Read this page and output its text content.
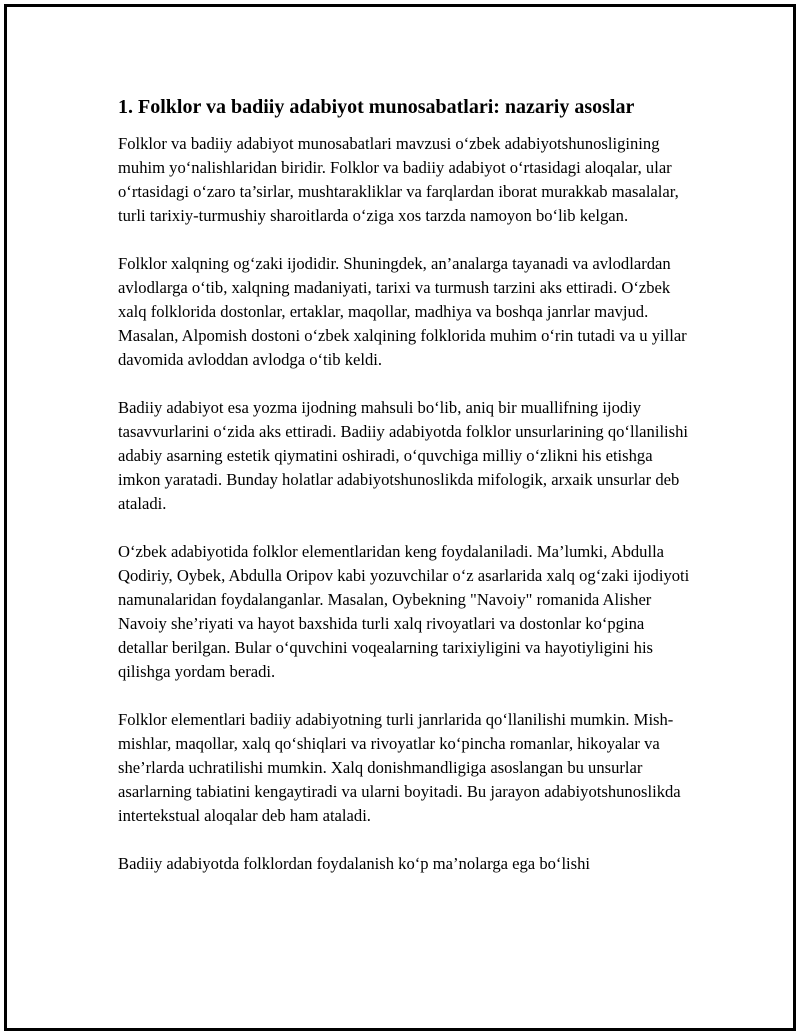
1. Folklor va badiiy adabiyot munosabatlari: nazariy asoslar

Folklor va badiiy adabiyot munosabatlari mavzusi o‘zbek adabiyotshunosligining muhim yo‘nalishlaridan biridir. Folklor va badiiy adabiyot o‘rtasidagi aloqalar, ular o‘rtasidagi o‘zaro ta’sirlar, mushtarakliklar va farqlardan iborat murakkab masalalar, turli tarixiy-turmushiy sharoitlarda o‘ziga xos tarzda namoyon bo‘lib kelgan.

Folklor xalqning og‘zaki ijodidir. Shuningdek, an’analarga tayanadi va avlodlardan avlodlarga o‘tib, xalqning madaniyati, tarixi va turmush tarzini aks ettiradi. O‘zbek xalq folklorida dostonlar, ertaklar, maqollar, madhiya va boshqa janrlar mavjud. Masalan, Alpomish dostoni o‘zbek xalqining folklorida muhim o‘rin tutadi va u yillar davomida avloddan avlodga o‘tib keldi.

Badiiy adabiyot esa yozma ijodning mahsuli bo‘lib, aniq bir muallifning ijodiy tasavvurlarini o‘zida aks ettiradi. Badiiy adabiyotda folklor unsurlarining qo‘llanilishi adabiy asarning estetik qiymatini oshiradi, o‘quvchiga milliy o‘zlikni his etishga imkon yaratadi. Bunday holatlar adabiyotshunoslikda mifologik, arxaik unsurlar deb ataladi.

O‘zbek adabiyotida folklor elementlaridan keng foydalaniladi. Ma’lumki, Abdulla Qodiriy, Oybek, Abdulla Oripov kabi yozuvchilar o‘z asarlarida xalq og‘zaki ijodiyoti namunalaridan foydalanganlar. Masalan, Oybekning "Navoiy" romanida Alisher Navoiy she’riyati va hayot baxshida turli xalq rivoyatlari va dostonlar ko‘pgina detallar berilgan. Bular o‘quvchini voqealarning tarixiyligini va hayotiyligini his qilishga yordam beradi.

Folklor elementlari badiiy adabiyotning turli janrlarida qo‘llanilishi mumkin. Mish-mishlar, maqollar, xalq qo‘shiqlari va rivoyatlar ko‘pincha romanlar, hikoyalar va she’rlarda uchratilishi mumkin. Xalq donishmandligiga asoslangan bu unsurlar asarlarning tabiatini kengaytiradi va ularni boyitadi. Bu jarayon adabiyotshunoslikda intertekstual aloqalar deb ham ataladi.

Badiiy adabiyotda folklordan foydalanish ko‘p ma’nolarga ega bo‘lishi
